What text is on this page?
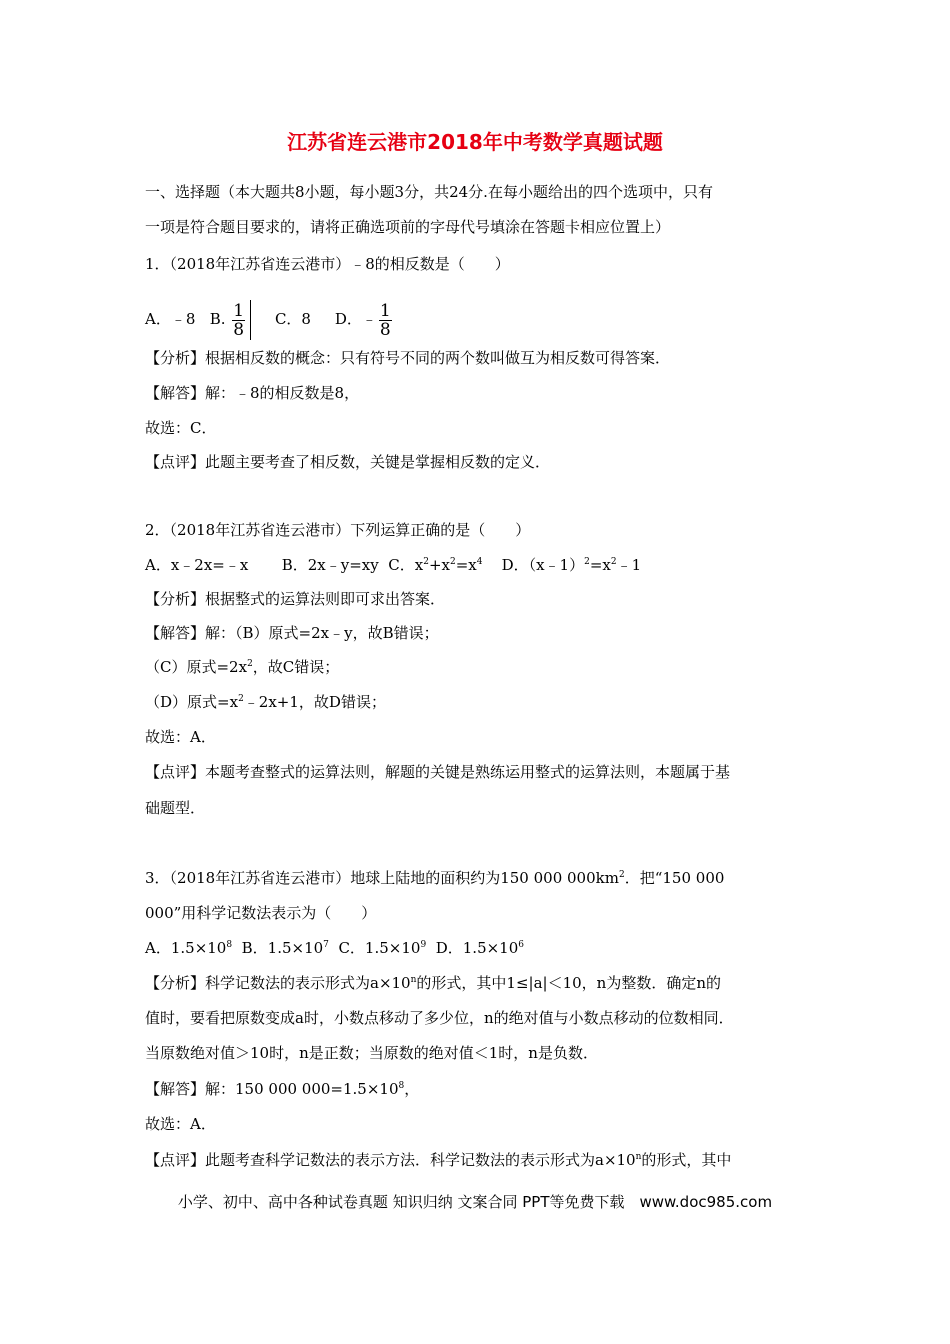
江苏省连云港市2018年中考数学真题试题
一、选择题（本大题共8小题，每小题3分，共24分.在每小题给出的四个选项中，只有
一项是符合题目要求的，请将正确选项前的字母代号填涂在答题卡相应位置上）
1．（2018年江苏省连云港市）﹣8的相反数是（　　）
A．﹣8 B. $\frac{1}{8}$ C．8 D．﹣ $\frac{1}{8}$
【分析】根据相反数的概念：只有符号不同的两个数叫做互为相反数可得答案．
【解答】解：﹣8的相反数是8，
故选：C．
【点评】此题主要考查了相反数，关键是掌握相反数的定义．
2．（2018年江苏省连云港市）下列运算正确的是（　　）
A．x﹣2x=﹣x B．2x﹣y=xy C．$x^2+x^2=x^4$ D．$(x﹣1)^2=x^2﹣1$
【分析】根据整式的运算法则即可求出答案．
【解答】解：（B）原式=2x﹣y，故B错误；
（C）原式$=2x^2$，故C错误；
（D）原式$=x^2﹣2x+1$，故D错误；
故选：A．
【点评】本题考查整式的运算法则，解题的关键是熟练运用整式的运算法则，本题属于基
础题型．
3．（2018年江苏省连云港市）地球上陆地的面积约为150 000 $000km^2$．把“150 000
000”用科学记数法表示为（　　）
A．$1.5\times 10^8$ B．$1.5\times 10^7$ C．$1.5\times 10^9$ D．$1.5\times 10^6$
【分析】科学记数法的表示形式为$a\times 10^n$的形式，其中1≤|a|＜10，n为整数．确定n的
值时，要看把原数变成a时，小数点移动了多少位，n的绝对值与小数点移动的位数相同．
当原数绝对值＞10时，n是正数；当原数的绝对值＜1时，n是负数．
【解答】解：150 000 $000=1.5\times 10^8$，
故选：A．
【点评】此题考查科学记数法的表示方法．科学记数法的表示形式为$a\times 10^n$的形式，其中
小学、初中、高中各种试卷真题 知识归纳 文案合同 PPT等免费下载　www.doc985.com
